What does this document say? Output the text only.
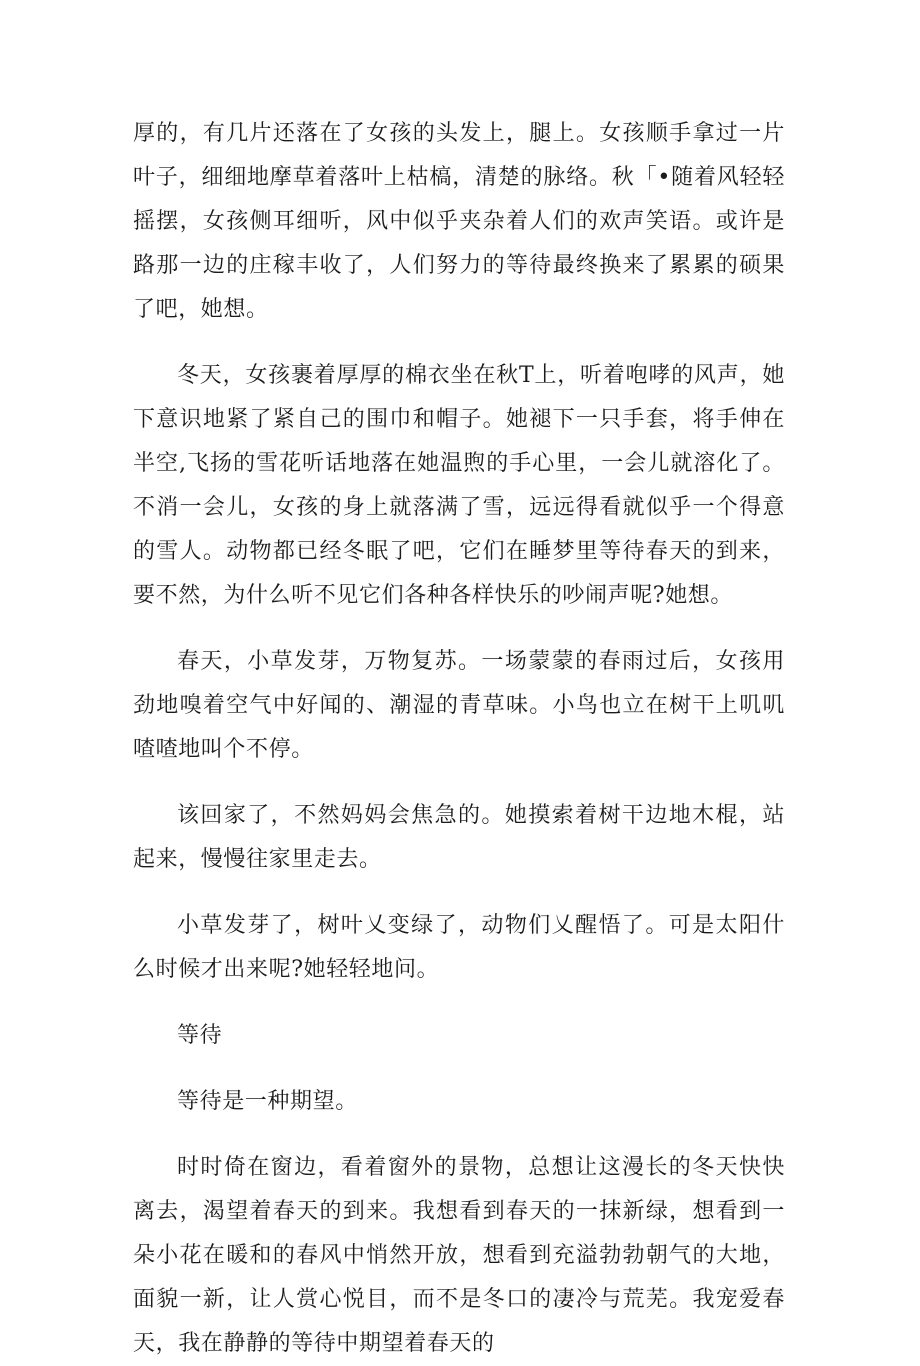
厚的，有几片还落在了女孩的头发上，腿上。女孩顺手拿过一片叶子，细细地摩草着落叶上枯槁，清楚的脉络。秋「•随着风轻轻摇摆，女孩侧耳细听，风中似乎夹杂着人们的欢声笑语。或许是路那一边的庄稼丰收了，人们努力的等待最终换来了累累的硕果了吧，她想。

冬天，女孩裹着厚厚的棉衣坐在秋T上，听着咆哮的风声，她下意识地紧了紧自己的围巾和帽子。她褪下一只手套，将手伸在半空,飞扬的雪花听话地落在她温煦的手心里，一会儿就溶化了。不消一会儿，女孩的身上就落满了雪，远远得看就似乎一个得意的雪人。动物都已经冬眠了吧，它们在睡梦里等待春天的到来，要不然，为什么听不见它们各种各样快乐的吵闹声呢?她想。

春天，小草发芽，万物复苏。一场蒙蒙的春雨过后，女孩用劲地嗅着空气中好闻的、潮湿的青草味。小鸟也立在树干上叽叽喳喳地叫个不停。

该回家了，不然妈妈会焦急的。她摸索着树干边地木棍，站起来，慢慢往家里走去。

小草发芽了，树叶乂变绿了，动物们乂醒悟了。可是太阳什么时候才出来呢?她轻轻地问。

等待

等待是一种期望。

时时倚在窗边，看着窗外的景物，总想让这漫长的冬天快快离去，渴望着春天的到来。我想看到春天的一抹新绿，想看到一朵小花在暖和的春风中悄然开放，想看到充溢勃勃朝气的大地，面貌一新，让人赏心悦目，而不是冬口的凄冷与荒芜。我宠爱春天，我在静静的等待中期望着春天的
